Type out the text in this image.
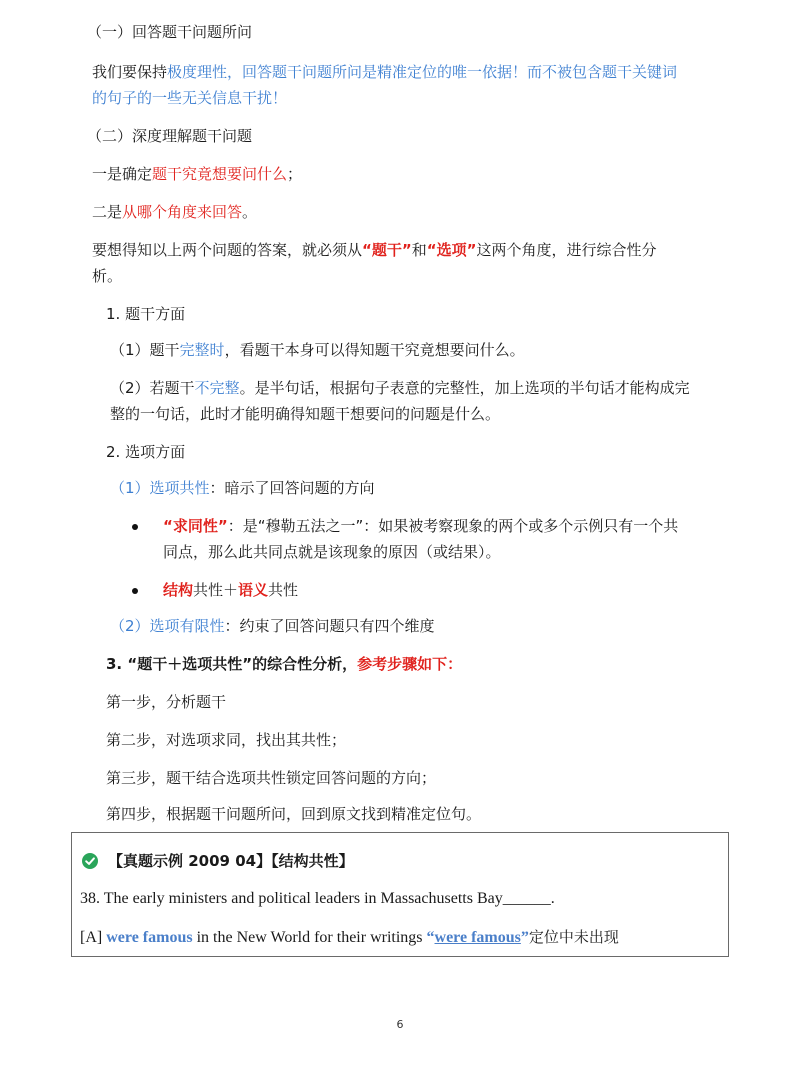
（一）回答题干问题所问
我们要保持极度理性，回答题干问题所问是精准定位的唯一依据！而不被包含题干关键词
的句子的一些无关信息干扰！
（二）深度理解题干问题
一是确定题干究竟想要问什么；
二是从哪个角度来回答。
要想得知以上两个问题的答案，就必须从“题干”和“选项”这两个角度，进行综合性分
析。
1. 题干方面
（1）题干完整时，看题干本身可以得知题干究竟想要问什么。
（2）若题干不完整。是半句话，根据句子表意的完整性，加上选项的半句话才能构成完
整的一句话，此时才能明确得知题干想要问的问题是什么。
2. 选项方面
（1）选项共性：暗示了回答问题的方向
“求同性”：是“穆勒五法之一”：如果被考察现象的两个或多个示例只有一个共
同点，那么此共同点就是该现象的原因（或结果）。
结构共性＋语义共性
（2）选项有限性：约束了回答问题只有四个维度
3. “题干＋选项共性”的综合性分析，参考步骤如下：
第一步，分析题干
第二步，对选项求同，找出其共性；
第三步，题干结合选项共性锁定回答问题的方向；
第四步，根据题干问题所问，回到原文找到精准定位句。
【真题示例 2009 04】【结构共性】
38. The early ministers and political leaders in Massachusetts Bay______.
[A] were famous in the New World for their writings “were famous”定位中未出现
6
